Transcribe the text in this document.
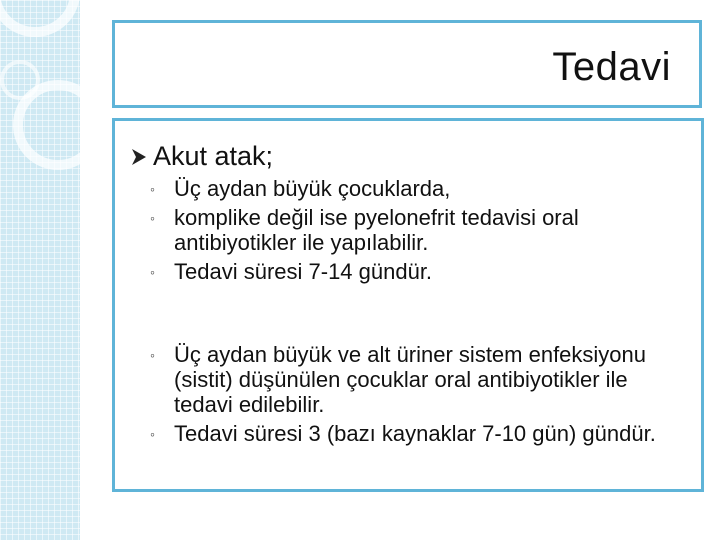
Tedavi
Akut atak;
◦ Üç aydan büyük çocuklarda,
◦ komplike değil ise pyelonefrit tedavisi oral antibiyotikler ile yapılabilir.
◦ Tedavi süresi 7-14 gündür.
◦ Üç aydan büyük ve alt üriner sistem enfeksiyonu (sistit) düşünülen çocuklar oral antibiyotikler ile tedavi edilebilir.
◦ Tedavi süresi 3 (bazı kaynaklar 7-10 gün) gündür.
